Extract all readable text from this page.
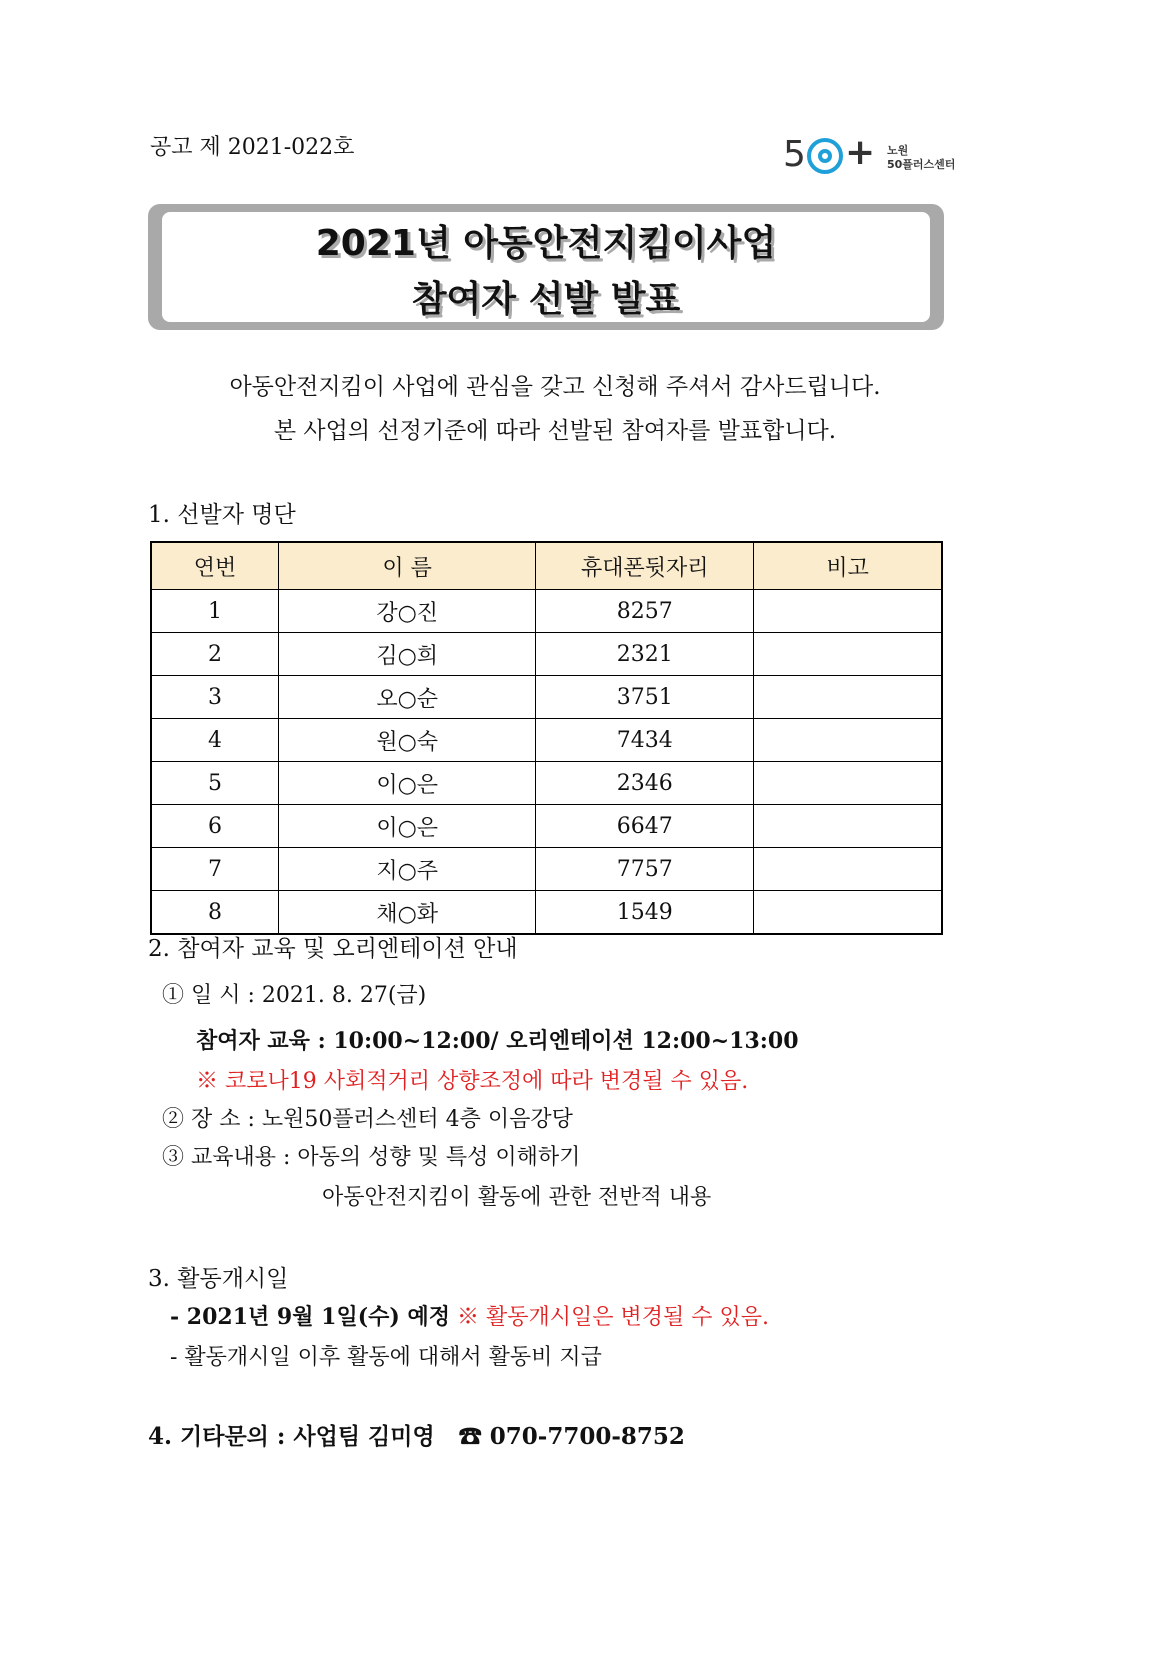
공고 제 2021-022호	5 + 노원
50플러스센터
2021년 아동안전지킴이사업
참여자 선발 발표
아동안전지킴이 사업에 관심을 갖고 신청해 주셔서 감사드립니다.
본 사업의 선정기준에 따라 선발된 참여자를 발표합니다.
1. 선발자 명단
연번	이 름	휴대폰뒷자리	비고
1	강○진	8257	
2	김○희	2321	
3	오○순	3751	
4	원○숙	7434	
5	이○은	2346	
6	이○은	6647	
7	지○주	7757	
8	채○화	1549	
2. 참여자 교육 및 오리엔테이션 안내
① 일 시 : 2021. 8. 27(금)
참여자 교육 : 10:00~12:00/ 오리엔테이션 12:00~13:00
※ 코로나19 사회적거리 상향조정에 따라 변경될 수 있음.
② 장 소 : 노원50플러스센터 4층 이음강당
③ 교육내용 : 아동의 성향 및 특성 이해하기
아동안전지킴이 활동에 관한 전반적 내용
3. 활동개시일
- 2021년 9월 1일(수) 예정 ※ 활동개시일은 변경될 수 있음.
- 활동개시일 이후 활동에 대해서 활동비 지급
4. 기타문의 : 사업팀 김미영 ☎ 070-7700-8752
